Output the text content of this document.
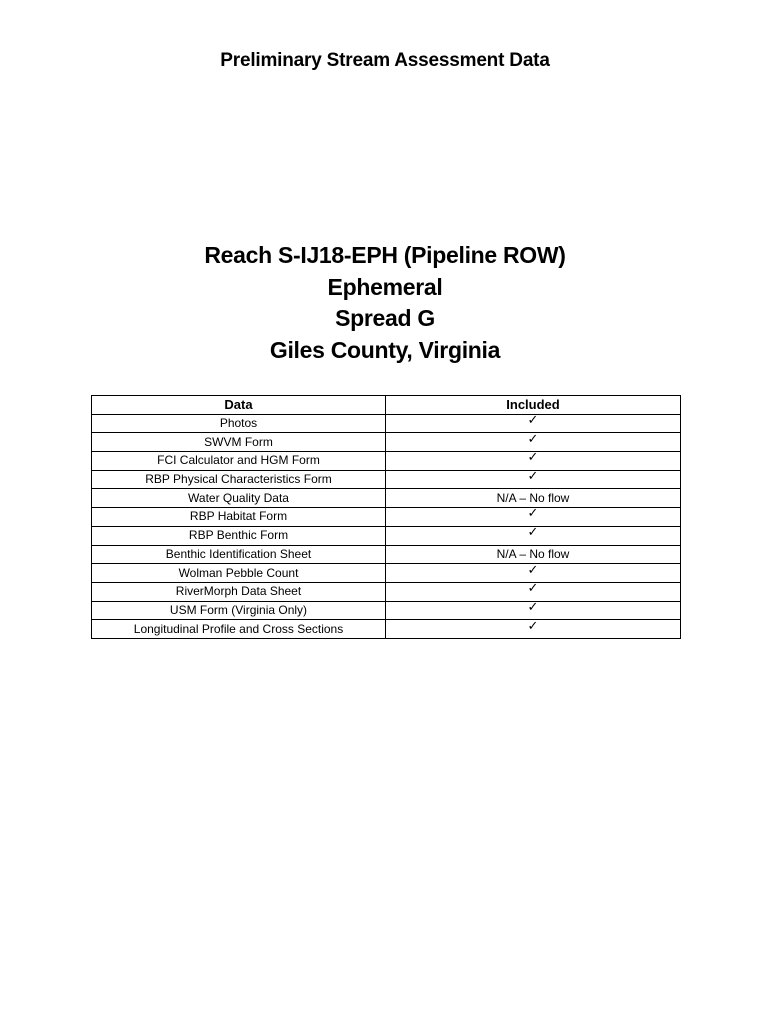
Preliminary Stream Assessment Data
Reach S-IJ18-EPH (Pipeline ROW)
Ephemeral
Spread G
Giles County, Virginia
Data	Included
Photos	✓
SWVM Form	✓
FCI Calculator and HGM Form	✓
RBP Physical Characteristics Form	✓
Water Quality Data	N/A – No flow
RBP Habitat Form	✓
RBP Benthic Form	✓
Benthic Identification Sheet	N/A – No flow
Wolman Pebble Count	✓
RiverMorph Data Sheet	✓
USM Form (Virginia Only)	✓
Longitudinal Profile and Cross Sections	✓
